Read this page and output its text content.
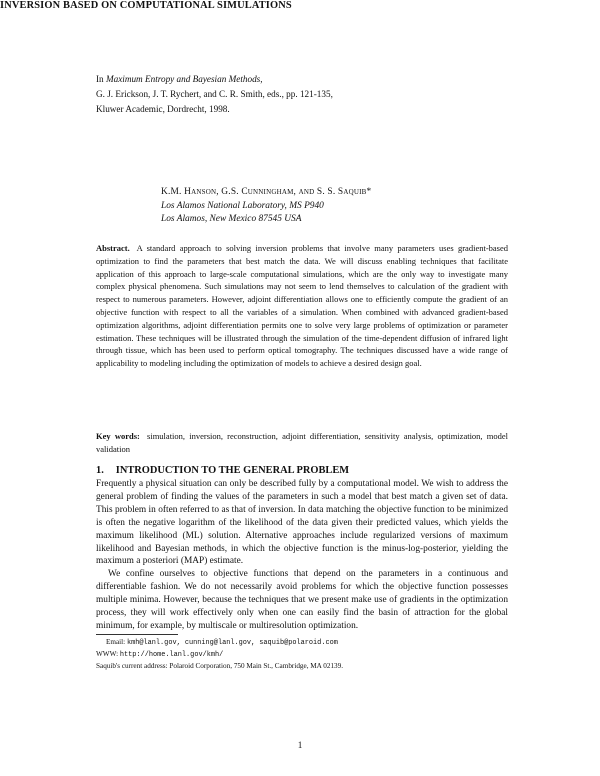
In Maximum Entropy and Bayesian Methods,
G. J. Erickson, J. T. Rychert, and C. R. Smith, eds., pp. 121-135,
Kluwer Academic, Dordrecht, 1998.
INVERSION BASED ON COMPUTATIONAL SIMULATIONS
K.M. Hanson, G.S. Cunningham, and S. S. Saquib*
Los Alamos National Laboratory, MS P940
Los Alamos, New Mexico 87545 USA
Abstract. A standard approach to solving inversion problems that involve many parameters uses gradient-based optimization to find the parameters that best match the data. We will discuss enabling techniques that facilitate application of this approach to large-scale computational simulations, which are the only way to investigate many complex physical phenomena. Such simulations may not seem to lend themselves to calculation of the gradient with respect to numerous parameters. However, adjoint differentiation allows one to efficiently compute the gradient of an objective function with respect to all the variables of a simulation. When combined with advanced gradient-based optimization algorithms, adjoint differentiation permits one to solve very large problems of optimization or parameter estimation. These techniques will be illustrated through the simulation of the time-dependent diffusion of infrared light through tissue, which has been used to perform optical tomography. The techniques discussed have a wide range of applicability to modeling including the optimization of models to achieve a desired design goal.
Key words: simulation, inversion, reconstruction, adjoint differentiation, sensitivity analysis, optimization, model validation
1. INTRODUCTION TO THE GENERAL PROBLEM

Frequently a physical situation can only be described fully by a computational model. We wish to address the general problem of finding the values of the parameters in such a model that best match a given set of data. This problem in often referred to as that of inversion. In data matching the objective function to be minimized is often the negative logarithm of the likelihood of the data given their predicted values, which yields the maximum likelihood (ML) solution. Alternative approaches include regularized versions of maximum likelihood and Bayesian methods, in which the objective function is the minus-log-posterior, yielding the maximum a posteriori (MAP) estimate.

We confine ourselves to objective functions that depend on the parameters in a continuous and differentiable fashion. We do not necessarily avoid problems for which the objective function possesses multiple minima. However, because the techniques that we present make use of gradients in the optimization process, they will work effectively only when one can easily find the basin of attraction for the global minimum, for example, by multiscale or multiresolution optimization.

Email: kmh@lanl.gov, cunning@lanl.gov, saquib@polaroid.com
WWW: http://home.lanl.gov/kmh/
Saquib's current address: Polaroid Corporation, 750 Main St., Cambridge, MA 02139.
1
